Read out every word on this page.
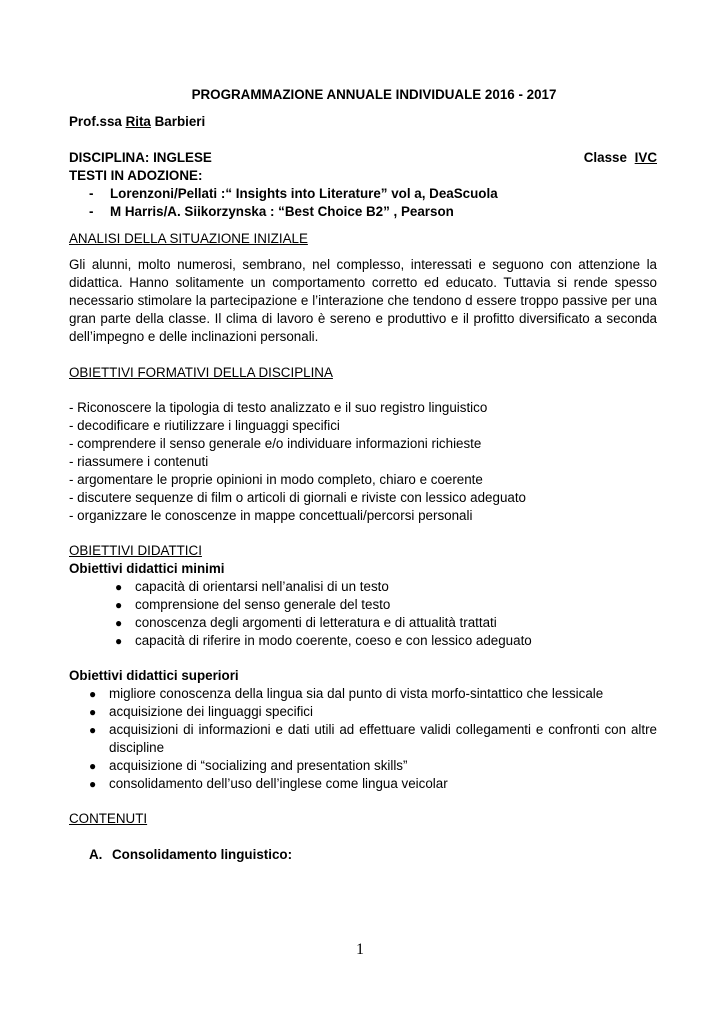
PROGRAMMAZIONE ANNUALE INDIVIDUALE 2016 - 2017
Prof.ssa Rita Barbieri
DISCIPLINA: INGLESE	Classe IVC
TESTI IN ADOZIONE:
-	Lorenzoni/Pellati :“ Insights into Literature” vol a, DeaScuola
-	M Harris/A. Siikorzynska : “Best Choice B2” , Pearson
ANALISI DELLA SITUAZIONE INIZIALE
Gli alunni, molto numerosi, sembrano, nel complesso, interessati e seguono con attenzione la didattica. Hanno solitamente un comportamento corretto ed educato. Tuttavia si rende spesso necessario stimolare la partecipazione e l’interazione che tendono d essere troppo passive per una gran parte della classe. Il clima di lavoro è sereno e produttivo e il profitto diversificato a seconda dell’impegno e delle inclinazioni personali.
OBIETTIVI FORMATIVI DELLA DISCIPLINA
- Riconoscere la tipologia di testo analizzato e il suo registro linguistico
- decodificare e riutilizzare i linguaggi specifici
- comprendere il senso generale e/o individuare informazioni richieste
- riassumere i contenuti
- argomentare le proprie opinioni in modo completo, chiaro e coerente
- discutere sequenze di film o articoli di giornali e riviste con lessico adeguato
- organizzare le conoscenze in mappe concettuali/percorsi personali
OBIETTIVI DIDATTICI
Obiettivi didattici minimi
● capacità di orientarsi nell’analisi di un testo
● comprensione del senso generale del testo
● conoscenza degli argomenti di letteratura e di attualità trattati
● capacità di riferire in modo coerente, coeso e con lessico adeguato
Obiettivi didattici superiori
● migliore conoscenza della lingua sia dal punto di vista morfo-sintattico che lessicale
● acquisizione dei linguaggi specifici
● acquisizioni di informazioni e dati utili ad effettuare validi collegamenti e confronti con altre discipline
● acquisizione di “socializing and presentation skills”
● consolidamento dell’uso dell’inglese come lingua veicolar
CONTENUTI
A. Consolidamento linguistico:
1
